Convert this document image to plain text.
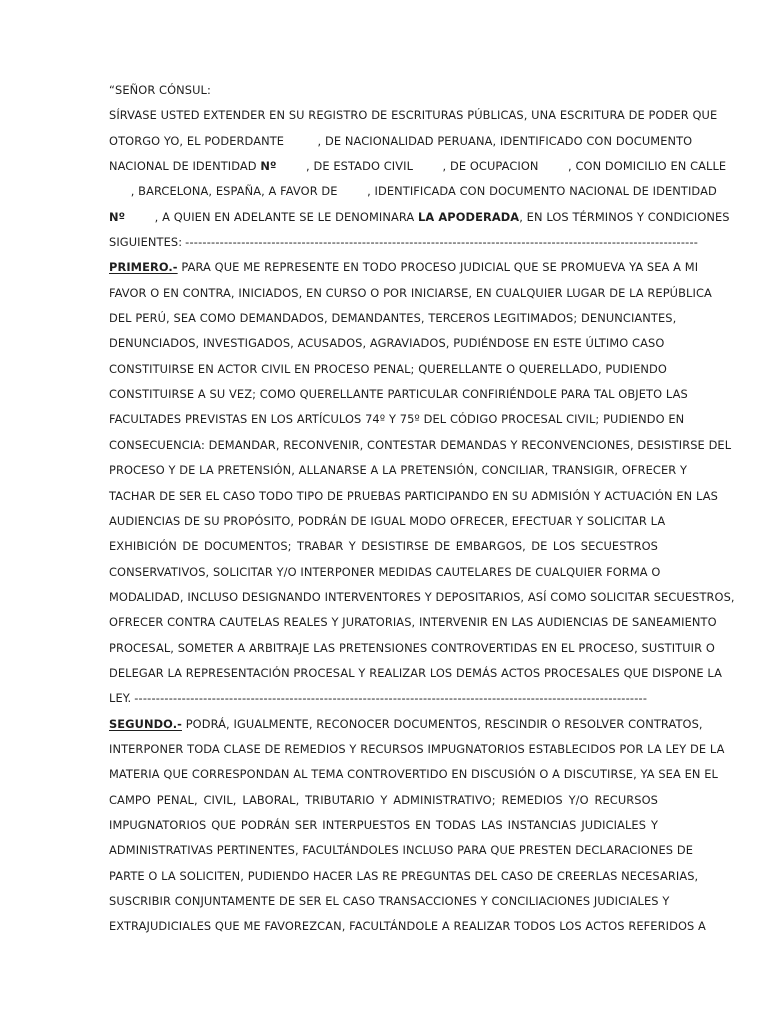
“SEÑOR CÓNSUL:
SÍRVASE USTED EXTENDER EN SU REGISTRO DE ESCRITURAS PÚBLICAS, UNA ESCRITURA DE PODER QUE
OTORGO YO, EL PODERDANTE	, DE NACIONALIDAD PERUANA, IDENTIFICADO CON DOCUMENTO
NACIONAL DE IDENTIDAD Nº	, DE ESTADO CIVIL	, DE OCUPACION	, CON DOMICILIO EN CALLE
, BARCELONA, ESPAÑA, A FAVOR DE	, IDENTIFICADA CON DOCUMENTO NACIONAL DE IDENTIDAD
Nº	, A QUIEN EN ADELANTE SE LE DENOMINARA LA APODERADA, EN LOS TÉRMINOS Y CONDICIONES
SIGUIENTES: -----------------------------------------------------------------------------------------------------------------------
PRIMERO.- PARA QUE ME REPRESENTE EN TODO PROCESO JUDICIAL QUE SE PROMUEVA YA SEA A MI
FAVOR O EN CONTRA, INICIADOS, EN CURSO O POR INICIARSE, EN CUALQUIER LUGAR DE LA REPÚBLICA
DEL PERÚ, SEA COMO DEMANDADOS, DEMANDANTES, TERCEROS LEGITIMADOS; DENUNCIANTES,
DENUNCIADOS, INVESTIGADOS, ACUSADOS, AGRAVIADOS, PUDIÉNDOSE EN ESTE ÚLTIMO CASO
CONSTITUIRSE EN ACTOR CIVIL EN PROCESO PENAL; QUERELLANTE O QUERELLADO, PUDIENDO
CONSTITUIRSE A SU VEZ; COMO QUERELLANTE PARTICULAR CONFIRIÉNDOLE PARA TAL OBJETO LAS
FACULTADES PREVISTAS EN LOS ARTÍCULOS 74º Y 75º DEL CÓDIGO PROCESAL CIVIL; PUDIENDO EN
CONSECUENCIA: DEMANDAR, RECONVENIR, CONTESTAR DEMANDAS Y RECONVENCIONES, DESISTIRSE DEL
PROCESO Y DE LA PRETENSIÓN, ALLANARSE A LA PRETENSIÓN, CONCILIAR, TRANSIGIR, OFRECER Y
TACHAR DE SER EL CASO TODO TIPO DE PRUEBAS PARTICIPANDO EN SU ADMISIÓN Y ACTUACIÓN EN LAS
AUDIENCIAS DE SU PROPÓSITO, PODRÁN DE IGUAL MODO OFRECER, EFECTUAR Y SOLICITAR LA
EXHIBICIÓN DE DOCUMENTOS; TRABAR Y DESISTIRSE DE EMBARGOS, DE LOS SECUESTROS
CONSERVATIVOS, SOLICITAR Y/O INTERPONER MEDIDAS CAUTELARES DE CUALQUIER FORMA O
MODALIDAD, INCLUSO DESIGNANDO INTERVENTORES Y DEPOSITARIOS, ASÍ COMO SOLICITAR SECUESTROS,
OFRECER CONTRA CAUTELAS REALES Y JURATORIAS, INTERVENIR EN LAS AUDIENCIAS DE SANEAMIENTO
PROCESAL, SOMETER A ARBITRAJE LAS PRETENSIONES CONTROVERTIDAS EN EL PROCESO, SUSTITUIR O
DELEGAR LA REPRESENTACIÓN PROCESAL Y REALIZAR LOS DEMÁS ACTOS PROCESALES QUE DISPONE LA
LEY. -----------------------------------------------------------------------------------------------------------------------
SEGUNDO.- PODRÁ, IGUALMENTE, RECONOCER DOCUMENTOS, RESCINDIR O RESOLVER CONTRATOS,
INTERPONER TODA CLASE DE REMEDIOS Y RECURSOS IMPUGNATORIOS ESTABLECIDOS POR LA LEY DE LA
MATERIA QUE CORRESPONDAN AL TEMA CONTROVERTIDO EN DISCUSIÓN O A DISCUTIRSE, YA SEA EN EL
CAMPO PENAL, CIVIL, LABORAL, TRIBUTARIO Y ADMINISTRATIVO; REMEDIOS Y/O RECURSOS
IMPUGNATORIOS QUE PODRÁN SER INTERPUESTOS EN TODAS LAS INSTANCIAS JUDICIALES Y
ADMINISTRATIVAS PERTINENTES, FACULTÁNDOLES INCLUSO PARA QUE PRESTEN DECLARACIONES DE
PARTE O LA SOLICITEN, PUDIENDO HACER LAS RE PREGUNTAS DEL CASO DE CREERLAS NECESARIAS,
SUSCRIBIR CONJUNTAMENTE DE SER EL CASO TRANSACCIONES Y CONCILIACIONES JUDICIALES Y
EXTRAJUDICIALES QUE ME FAVOREZCAN, FACULTÁNDOLE A REALIZAR TODOS LOS ACTOS REFERIDOS A
